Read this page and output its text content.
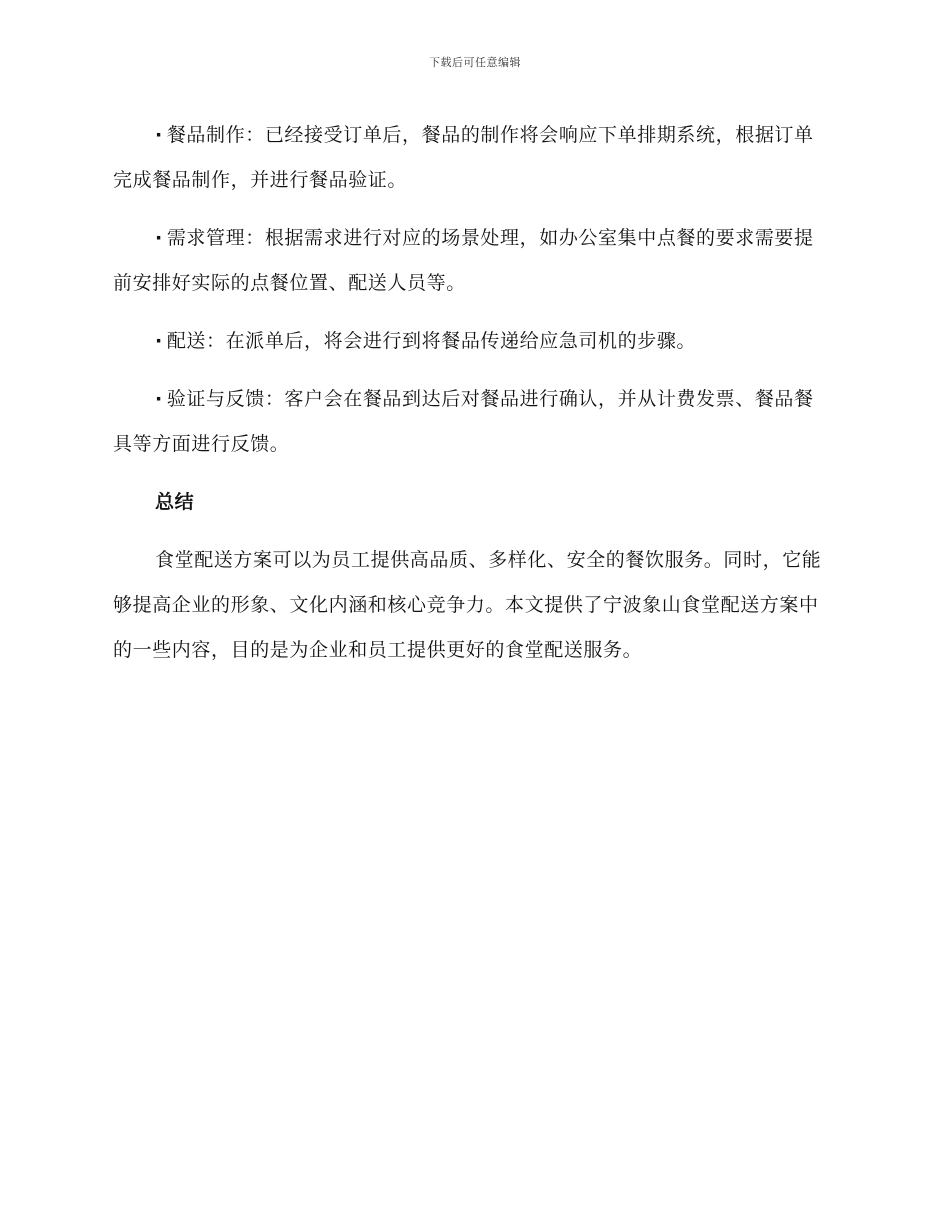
下载后可任意编辑

· 餐品制作：已经接受订单后，餐品的制作将会响应下单排期系统，根据订单完成餐品制作，并进行餐品验证。

· 需求管理：根据需求进行对应的场景处理，如办公室集中点餐的要求需要提前安排好实际的点餐位置、配送人员等。

· 配送：在派单后，将会进行到将餐品传递给应急司机的步骤。

· 验证与反馈：客户会在餐品到达后对餐品进行确认，并从计费发票、餐品餐具等方面进行反馈。

总结

食堂配送方案可以为员工提供高品质、多样化、安全的餐饮服务。同时，它能够提高企业的形象、文化内涵和核心竞争力。本文提供了宁波象山食堂配送方案中的一些内容，目的是为企业和员工提供更好的食堂配送服务。
